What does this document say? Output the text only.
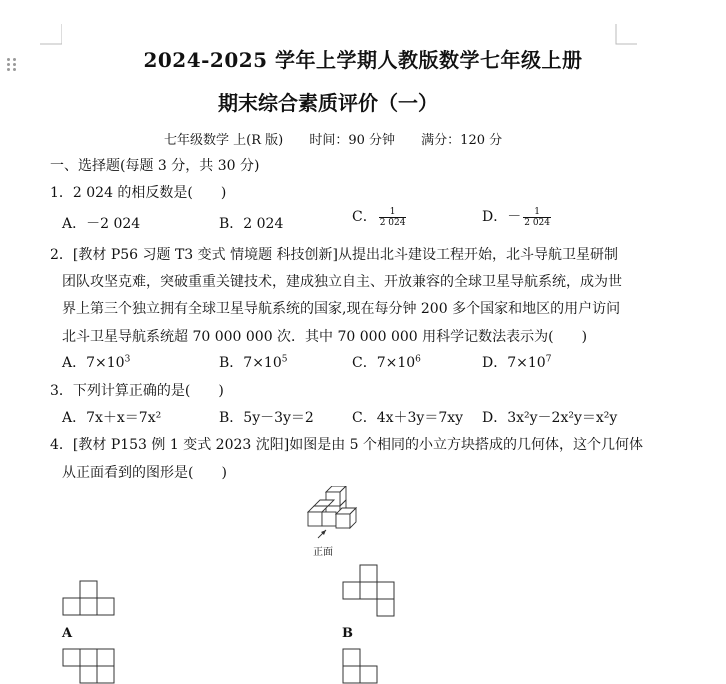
2024-2025 学年上学期人教版数学七年级上册
期末综合素质评价（一）
七年级数学 上(R 版) 时间：90 分钟 满分：120 分
一、选择题(每题 3 分，共 30 分)
1．2 024 的相反数是(　　)
A．－2 024	B．2 024	C． $\frac{1}{2 024}$	D．－ $\frac{1}{2 024}$
2．[教材 P56 习题 T3 变式 情境题 科技创新]从提出北斗建设工程开始，北斗导航卫星研制
团队攻坚克难，突破重重关键技术，建成独立自主、开放兼容的全球卫星导航系统，成为世
界上第三个独立拥有全球卫星导航系统的国家,现在每分钟 200 多个国家和地区的用户访问
北斗卫星导航系统超 70 000 000 次．其中 70 000 000 用科学记数法表示为(　　)
A．$7\times 10^3$	B．$7\times 10^5$	C．$7\times 10^6$	D．$7\times 10^7$
3．下列计算正确的是(　　)
A．7x＋x＝7x²	B．5y－3y＝2	C．4x＋3y＝7xy D．3x²y－2x²y＝x²y
4．[教材 P153 例 1 变式 2023 沈阳]如图是由 5 个相同的小立方块搭成的几何体，这个几何体
从正面看到的图形是(　　)
正面
A	B
